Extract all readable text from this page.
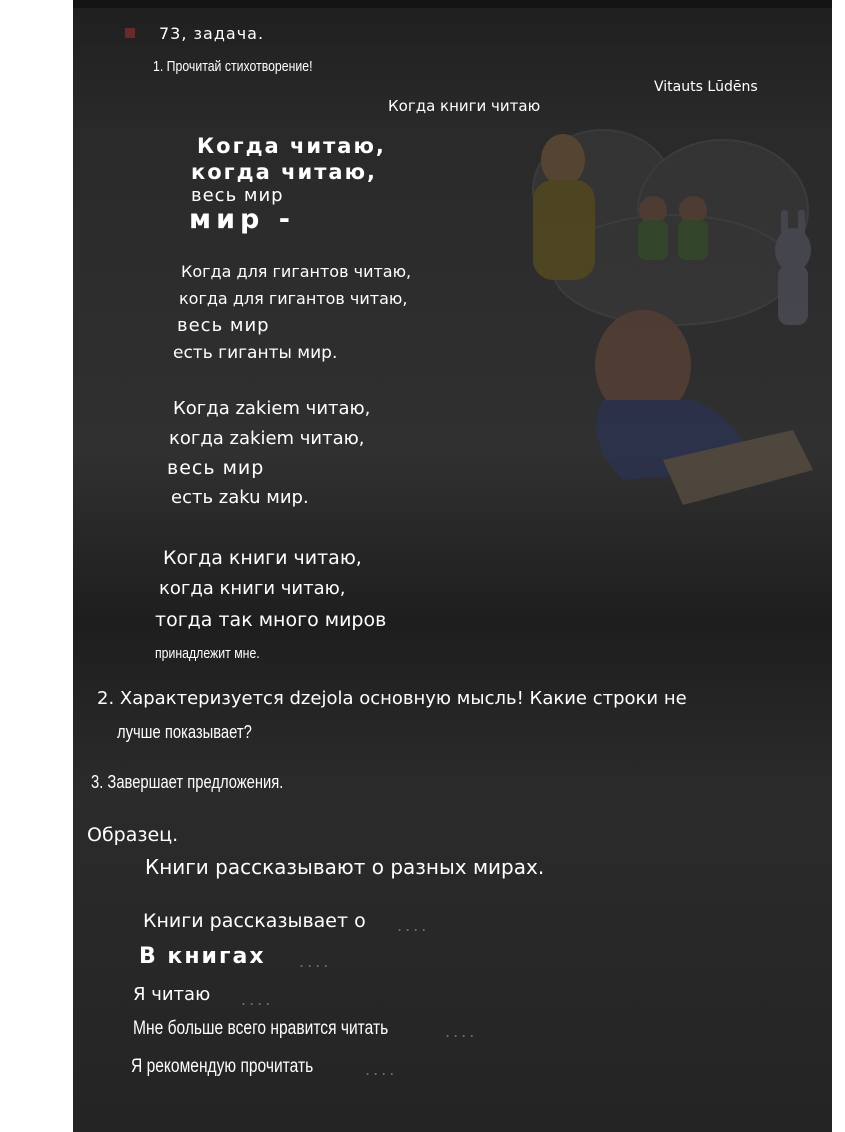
73, задача.
1. Прочитай стихотворение!
Vitauts Lūdēns
Когда книги читаю
Когда читаю,
когда читаю,
весь мир
мир -
Когда для гигантов читаю,
когда для гигантов читаю,
весь мир
есть гиганты мир.
Когда zakiem читаю,
когда zakiem читаю,
весь мир
есть zaku мир.
Когда книги читаю,
когда книги читаю,
тогда так много миров
принадлежит мне.
2. Характеризуется dzejola основную мысль! Какие строки не
лучше показывает?
3. Завершает предложения.
Образец.
Книги рассказывают о разных мирах.
Книги рассказывает о ....
В книгах ....
Я читаю ....
Мне больше всего нравится читать	....
Я рекомендую прочитать	....
